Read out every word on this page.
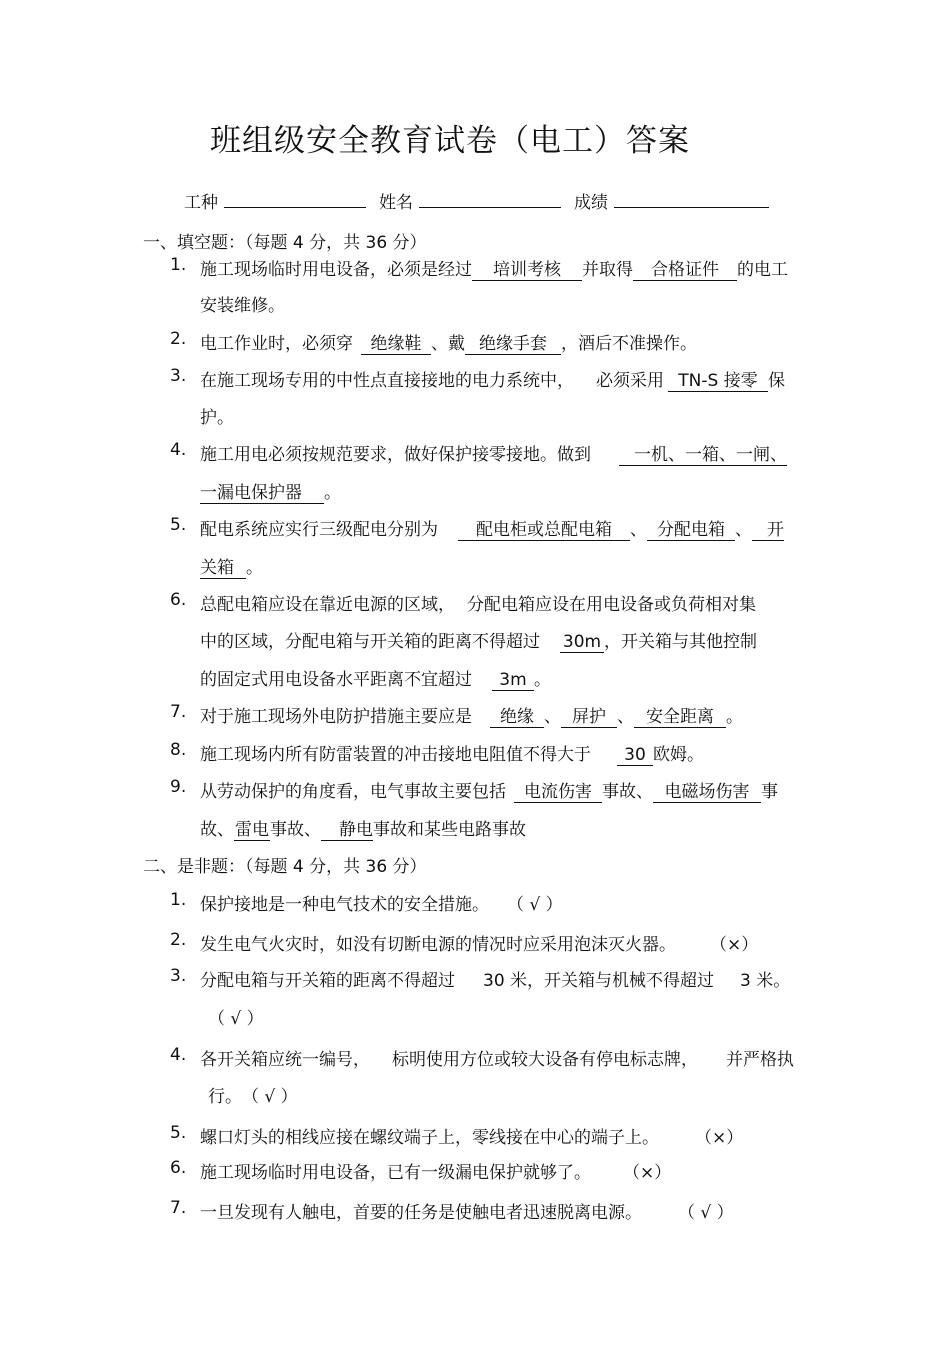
班组级安全教育试卷（电工）答案
工种	姓名	成绩
一、填空题：（每题 4 分，共 36 分）
1. 施工现场临时用电设备，必须是经过 培训考核 并取得 合格证件 的电工
安装维修。
2. 电工作业时，必须穿 绝缘鞋 、戴 绝缘手套 ，酒后不准操作。
3. 在施工现场专用的中性点直接接地的电力系统中， 必须采用 TN-S 接零 保
护。
4. 施工用电必须按规范要求，做好保护接零接地。做到	一机、一箱、一闸、
一漏电保护器 。
5. 配电系统应实行三级配电分别为 配电柜或总配电箱 、 分配电箱 、 开
关箱 。
6. 总配电箱应设在靠近电源的区域， 分配电箱应设在用电设备或负荷相对集
中的区域，分配电箱与开关箱的距离不得超过 30m ，开关箱与其他控制
的固定式用电设备水平距离不宜超过 3m 。
7. 对于施工现场外电防护措施主要应是 绝缘 、 屏护 、 安全距离 。
8. 施工现场内所有防雷装置的冲击接地电阻值不得大于 30 欧姆。
9. 从劳动保护的角度看，电气事故主要包括 电流伤害 事故、 电磁场伤害 事
故、雷电事故、 静电事故和某些电路事故
二、是非题：（每题 4 分，共 36 分）
1. 保护接地是一种电气技术的安全措施。 （ √ ）
2. 发生电气火灾时，如没有切断电源的情况时应采用泡沫灭火器。 （×）
3. 分配电箱与开关箱的距离不得超过 30 米，开关箱与机械不得超过 3 米。
（ √ ）
4. 各开关箱应统一编号， 标明使用方位或较大设备有停电标志牌， 并严格执
行。（ √ ）
5. 螺口灯头的相线应接在螺纹端子上，零线接在中心的端子上。 （×）
6. 施工现场临时用电设备，已有一级漏电保护就够了。 （×）
7. 一旦发现有人触电，首要的任务是使触电者迅速脱离电源。 （ √ ）
